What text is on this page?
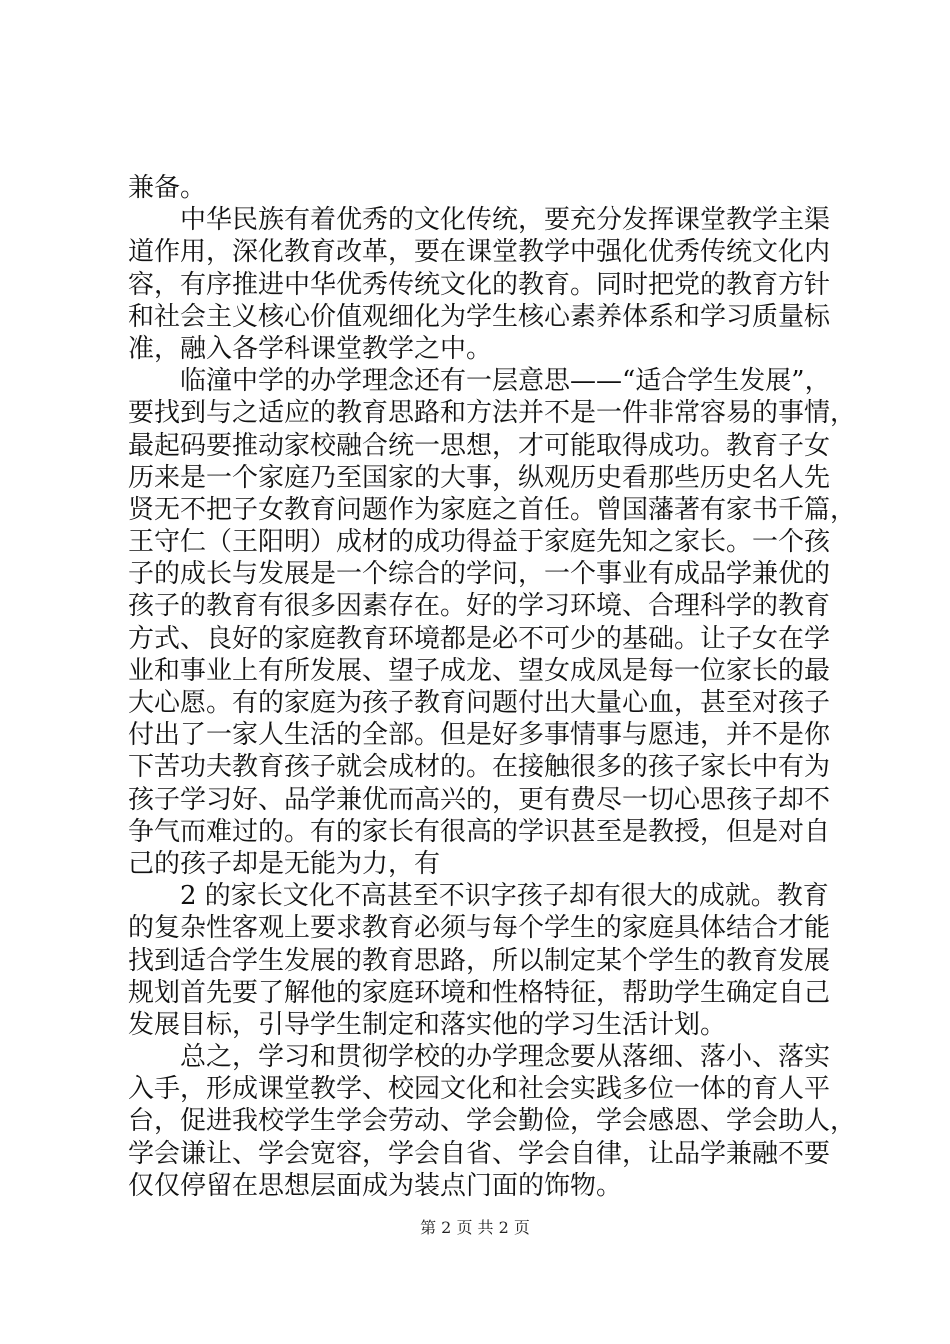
兼备。
　　中华民族有着优秀的文化传统，要充分发挥课堂教学主渠
道作用，深化教育改革，要在课堂教学中强化优秀传统文化内
容，有序推进中华优秀传统文化的教育。同时把党的教育方针
和社会主义核心价值观细化为学生核心素养体系和学习质量标
准，融入各学科课堂教学之中。
　　临潼中学的办学理念还有一层意思——“适合学生发展”，
要找到与之适应的教育思路和方法并不是一件非常容易的事情，
最起码要推动家校融合统一思想，才可能取得成功。教育子女
历来是一个家庭乃至国家的大事，纵观历史看那些历史名人先
贤无不把子女教育问题作为家庭之首任。曾国藩著有家书千篇，
王守仁（王阳明）成材的成功得益于家庭先知之家长。一个孩
子的成长与发展是一个综合的学问，一个事业有成品学兼优的
孩子的教育有很多因素存在。好的学习环境、合理科学的教育
方式、良好的家庭教育环境都是必不可少的基础。让子女在学
业和事业上有所发展、望子成龙、望女成凤是每一位家长的最
大心愿。有的家庭为孩子教育问题付出大量心血，甚至对孩子
付出了一家人生活的全部。但是好多事情事与愿违，并不是你
下苦功夫教育孩子就会成材的。在接触很多的孩子家长中有为
孩子学习好、品学兼优而高兴的，更有费尽一切心思孩子却不
争气而难过的。有的家长有很高的学识甚至是教授，但是对自
己的孩子却是无能为力，有
　　2 的家长文化不高甚至不识字孩子却有很大的成就。教育
的复杂性客观上要求教育必须与每个学生的家庭具体结合才能
找到适合学生发展的教育思路，所以制定某个学生的教育发展
规划首先要了解他的家庭环境和性格特征，帮助学生确定自己
发展目标，引导学生制定和落实他的学习生活计划。
　　总之，学习和贯彻学校的办学理念要从落细、落小、落实
入手，形成课堂教学、校园文化和社会实践多位一体的育人平
台，促进我校学生学会劳动、学会勤俭，学会感恩、学会助人，
学会谦让、学会宽容，学会自省、学会自律，让品学兼融不要
仅仅停留在思想层面成为装点门面的饰物。
第 2 页 共 2 页
